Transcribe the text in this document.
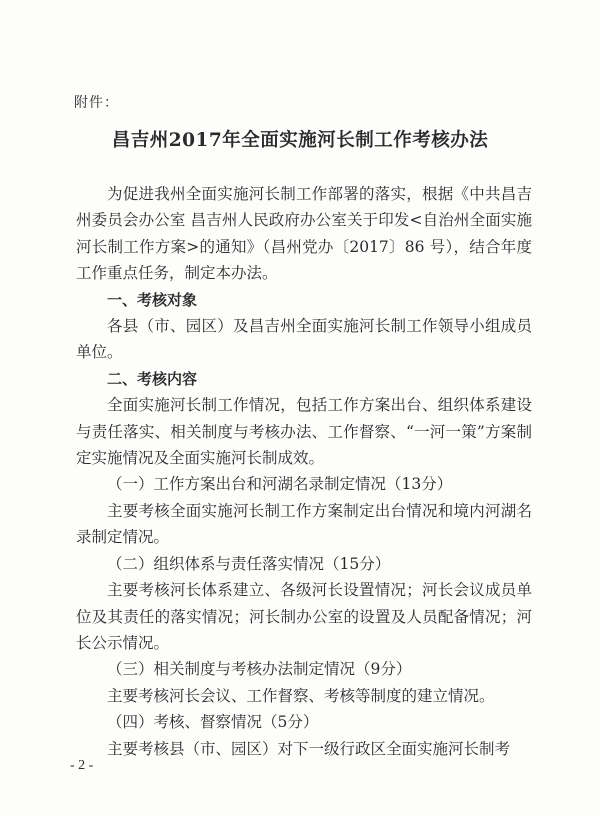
附件：
昌吉州2017年全面实施河长制工作考核办法

为促进我州全面实施河长制工作部署的落实，根据《中共昌吉州委员会办公室 昌吉州人民政府办公室关于印发<自治州全面实施河长制工作方案>的通知》（昌州党办〔2017〕86 号），结合年度工作重点任务，制定本办法。

一、考核对象

各县（市、园区）及昌吉州全面实施河长制工作领导小组成员单位。

二、考核内容

全面实施河长制工作情况，包括工作方案出台、组织体系建设与责任落实、相关制度与考核办法、工作督察、“一河一策”方案制定实施情况及全面实施河长制成效。

（一）工作方案出台和河湖名录制定情况（13分）

主要考核全面实施河长制工作方案制定出台情况和境内河湖名录制定情况。

（二）组织体系与责任落实情况（15分）

主要考核河长体系建立、各级河长设置情况；河长会议成员单位及其责任的落实情况；河长制办公室的设置及人员配备情况；河长公示情况。

（三）相关制度与考核办法制定情况（9分）

主要考核河长会议、工作督察、考核等制度的建立情况。

（四）考核、督察情况（5分）

主要考核县（市、园区）对下一级行政区全面实施河长制考

- 2 -
